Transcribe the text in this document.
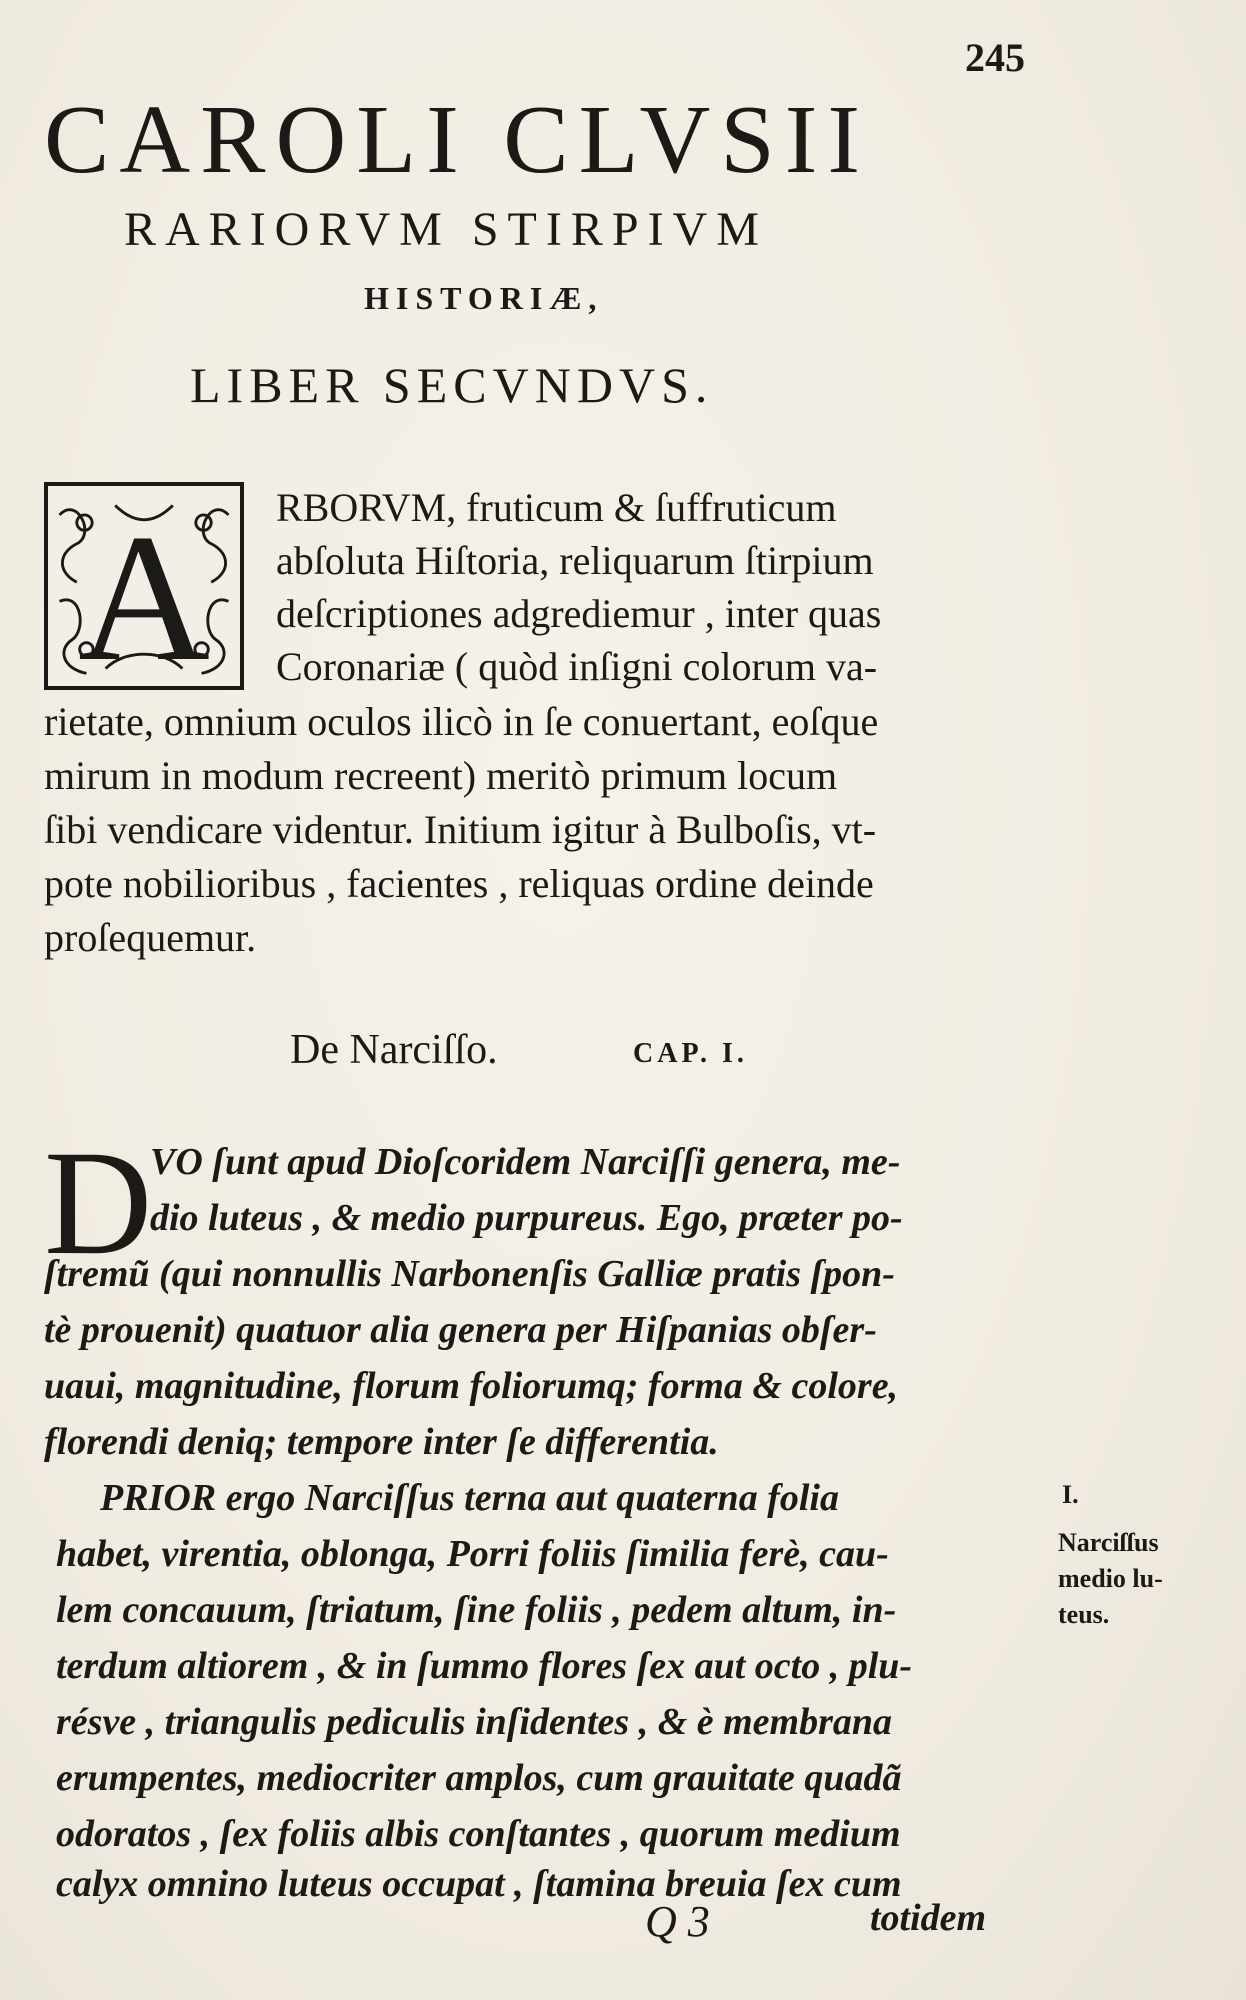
245
CAROLI CLVSII
RARIORVM STIRPIVM
HISTORIÆ,
LIBER SECVNDVS.
A RBORVM, fruticum & ſuffruticum
abſoluta Hiſtoria, reliquarum ſtirpium
deſcriptiones adgrediemur , inter quas
Coronariæ ( quòd inſigni colorum va-
rietate, omnium oculos ilicò in ſe conuertant, eoſque
mirum in modum recreent) meritò primum locum
ſibi vendicare videntur. Initium igitur à Bulboſis, vt-
pote nobilioribus , facientes , reliquas ordine deinde
proſequemur.
De Narciſſo.	CAP. I.
D
VO ſunt apud Dioſcoridem Narciſſi genera, me-
dio luteus , & medio purpureus. Ego, præter po-
ſtremũ (qui nonnullis Narbonenſis Galliæ pratis ſpon-
tè prouenit) quatuor alia genera per Hiſpanias obſer-
uaui, magnitudine, florum foliorumq; forma & colore,
florendi deniq; tempore inter ſe differentia.
PRIOR ergo Narciſſus terna aut quaterna folia
habet, virentia, oblonga, Porri foliis ſimilia ferè, cau-
lem concauum, ſtriatum, ſine foliis , pedem altum, in-
terdum altiorem , & in ſummo flores ſex aut octo , plu-
résve , triangulis pediculis inſidentes , & è membrana
erumpentes, mediocriter amplos, cum grauitate quadã
odoratos , ſex foliis albis conſtantes , quorum medium
calyx omnino luteus occupat , ſtamina breuia ſex cum
I.
Narciſſus
medio lu-
teus.
Q 3	totidem
